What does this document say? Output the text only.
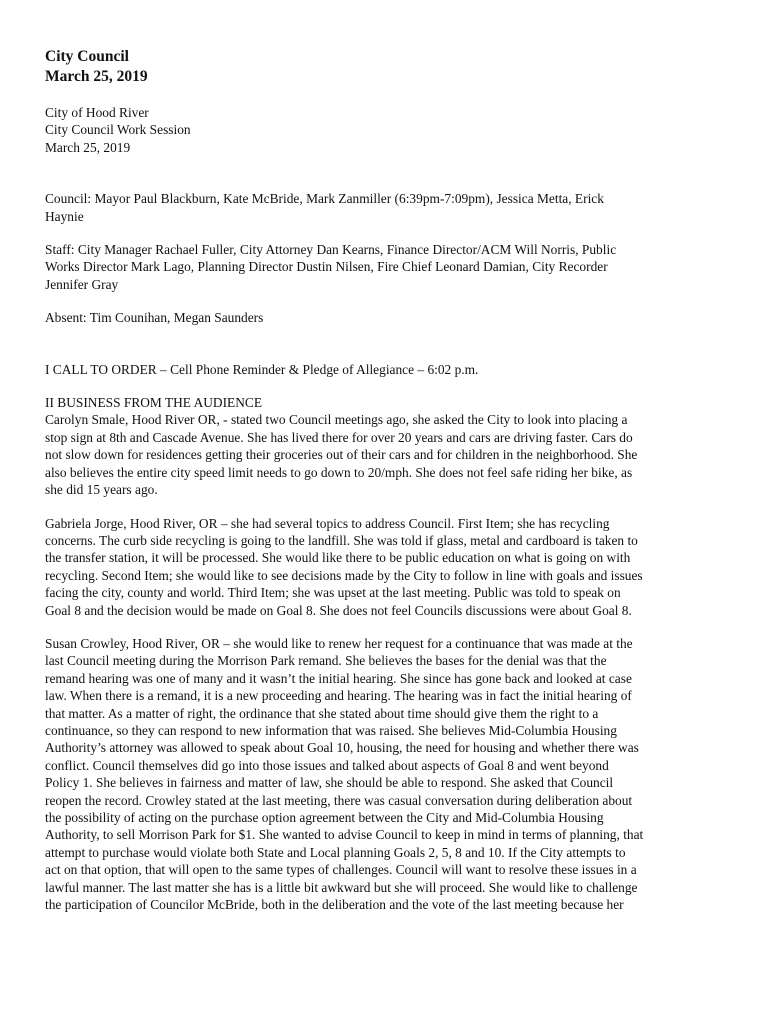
City Council
March 25, 2019
City of Hood River
City Council Work Session
March 25, 2019
Council: Mayor Paul Blackburn, Kate McBride, Mark Zanmiller (6:39pm-7:09pm), Jessica Metta, Erick
Haynie
Staff: City Manager Rachael Fuller, City Attorney Dan Kearns, Finance Director/ACM Will Norris, Public
Works Director Mark Lago, Planning Director Dustin Nilsen, Fire Chief Leonard Damian, City Recorder
Jennifer Gray
Absent: Tim Counihan, Megan Saunders
I CALL TO ORDER – Cell Phone Reminder & Pledge of Allegiance – 6:02 p.m.
II BUSINESS FROM THE AUDIENCE
Carolyn Smale, Hood River OR, - stated two Council meetings ago, she asked the City to look into placing a
stop sign at 8th and Cascade Avenue. She has lived there for over 20 years and cars are driving faster. Cars do
not slow down for residences getting their groceries out of their cars and for children in the neighborhood. She
also believes the entire city speed limit needs to go down to 20/mph. She does not feel safe riding her bike, as
she did 15 years ago.
Gabriela Jorge, Hood River, OR – she had several topics to address Council. First Item; she has recycling
concerns. The curb side recycling is going to the landfill. She was told if glass, metal and cardboard is taken to
the transfer station, it will be processed. She would like there to be public education on what is going on with
recycling. Second Item; she would like to see decisions made by the City to follow in line with goals and issues
facing the city, county and world. Third Item; she was upset at the last meeting. Public was told to speak on
Goal 8 and the decision would be made on Goal 8. She does not feel Councils discussions were about Goal 8.
Susan Crowley, Hood River, OR – she would like to renew her request for a continuance that was made at the
last Council meeting during the Morrison Park remand. She believes the bases for the denial was that the
remand hearing was one of many and it wasn’t the initial hearing. She since has gone back and looked at case
law. When there is a remand, it is a new proceeding and hearing. The hearing was in fact the initial hearing of
that matter. As a matter of right, the ordinance that she stated about time should give them the right to a
continuance, so they can respond to new information that was raised. She believes Mid-Columbia Housing
Authority’s attorney was allowed to speak about Goal 10, housing, the need for housing and whether there was
conflict. Council themselves did go into those issues and talked about aspects of Goal 8 and went beyond
Policy 1. She believes in fairness and matter of law, she should be able to respond. She asked that Council
reopen the record. Crowley stated at the last meeting, there was casual conversation during deliberation about
the possibility of acting on the purchase option agreement between the City and Mid-Columbia Housing
Authority, to sell Morrison Park for $1. She wanted to advise Council to keep in mind in terms of planning, that
attempt to purchase would violate both State and Local planning Goals 2, 5, 8 and 10. If the City attempts to
act on that option, that will open to the same types of challenges. Council will want to resolve these issues in a
lawful manner. The last matter she has is a little bit awkward but she will proceed. She would like to challenge
the participation of Councilor McBride, both in the deliberation and the vote of the last meeting because her
